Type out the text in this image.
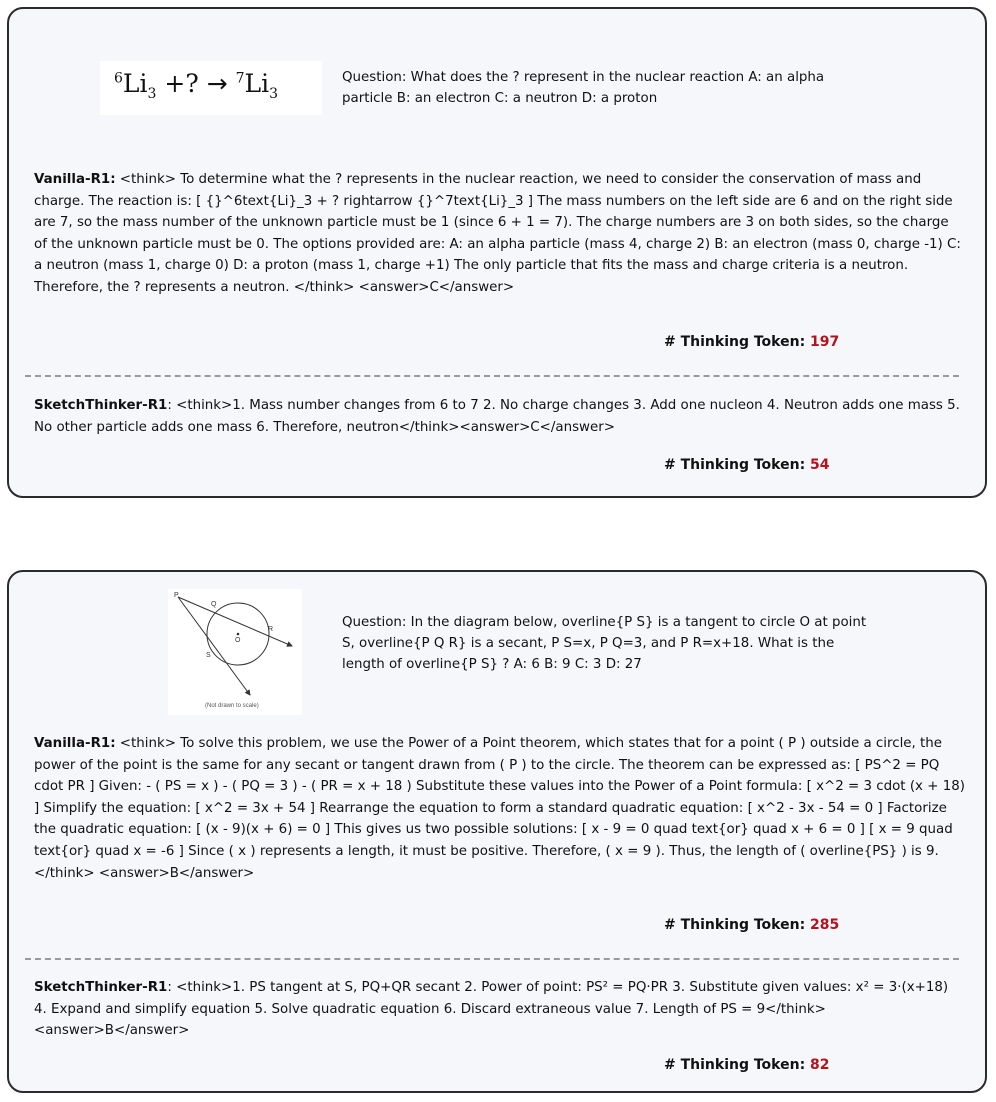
$^6Li_3$ +? → $^7Li_3$
Question: What does the ? represent in the nuclear reaction A: an alpha particle B: an electron C: a neutron D: a proton
Vanilla-R1: <think> To determine what the ? represents in the nuclear reaction, we need to consider the conservation of mass and charge. The reaction is: [ {}^6text{Li}_3 + ? rightarrow {}^7text{Li}_3 ] The mass numbers on the left side are 6 and on the right side are 7, so the mass number of the unknown particle must be 1 (since 6 + 1 = 7). The charge numbers are 3 on both sides, so the charge of the unknown particle must be 0. The options provided are: A: an alpha particle (mass 4, charge 2) B: an electron (mass 0, charge -1) C: a neutron (mass 1, charge 0) D: a proton (mass 1, charge +1) The only particle that fits the mass and charge criteria is a neutron. Therefore, the ? represents a neutron. </think> <answer>C</answer>
# Thinking Token: 197
SketchThinker-R1: <think>1. Mass number changes from 6 to 7 2. No charge changes 3. Add one nucleon 4. Neutron adds one mass 5. No other particle adds one mass 6. Therefore, neutron</think><answer>C</answer>
# Thinking Token: 54
P
Q
R
S
O
(Not drawn to scale)
Question: In the diagram below, overline{P S} is a tangent to circle O at point S, overline{P Q R} is a secant, P S=x, P Q=3, and P R=x+18. What is the length of overline{P S} ? A: 6 B: 9 C: 3 D: 27
Vanilla-R1: <think> To solve this problem, we use the Power of a Point theorem, which states that for a point ( P ) outside a circle, the power of the point is the same for any secant or tangent drawn from ( P ) to the circle. The theorem can be expressed as: [ PS^2 = PQ cdot PR ] Given: - ( PS = x ) - ( PQ = 3 ) - ( PR = x + 18 ) Substitute these values into the Power of a Point formula: [ x^2 = 3 cdot (x + 18) ] Simplify the equation: [ x^2 = 3x + 54 ] Rearrange the equation to form a standard quadratic equation: [ x^2 - 3x - 54 = 0 ] Factorize the quadratic equation: [ (x - 9)(x + 6) = 0 ] This gives us two possible solutions: [ x - 9 = 0 quad text{or} quad x + 6 = 0 ] [ x = 9 quad text{or} quad x = -6 ] Since ( x ) represents a length, it must be positive. Therefore, ( x = 9 ). Thus, the length of ( overline{PS} ) is 9. </think> <answer>B</answer>
# Thinking Token: 285
SketchThinker-R1: <think>1. PS tangent at S, PQ+QR secant 2. Power of point: PS² = PQ·PR 3. Substitute given values: x² = 3·(x+18) 4. Expand and simplify equation 5. Solve quadratic equation 6. Discard extraneous value 7. Length of PS = 9</think><answer>B</answer>
# Thinking Token: 82
